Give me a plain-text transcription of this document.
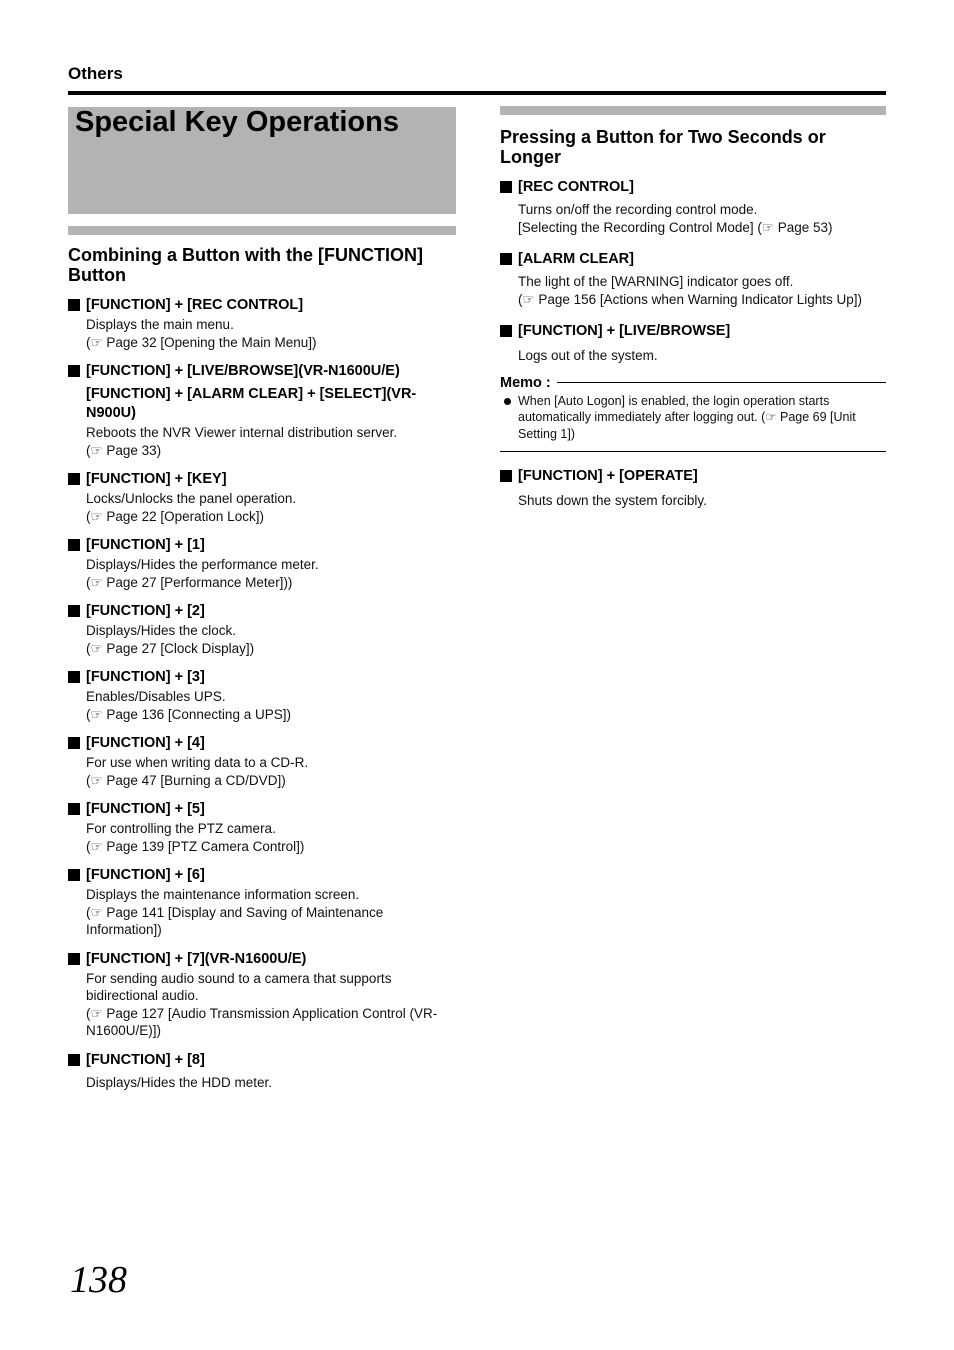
Others
Special Key Operations
Combining a Button with the [FUNCTION] Button
[FUNCTION] + [REC CONTROL]
Displays the main menu.
(☞ Page 32 [Opening the Main Menu])
[FUNCTION] + [LIVE/BROWSE](VR-N1600U/E)
[FUNCTION] + [ALARM CLEAR] + [SELECT](VR-N900U)
Reboots the NVR Viewer internal distribution server.
(☞ Page 33)
[FUNCTION] + [KEY]
Locks/Unlocks the panel operation.
(☞ Page 22 [Operation Lock])
[FUNCTION] + [1]
Displays/Hides the performance meter.
(☞ Page 27 [Performance Meter]))
[FUNCTION] + [2]
Displays/Hides the clock.
(☞ Page 27 [Clock Display])
[FUNCTION] + [3]
Enables/Disables UPS.
(☞ Page 136 [Connecting a UPS])
[FUNCTION] + [4]
For use when writing data to a CD-R.
(☞ Page 47 [Burning a CD/DVD])
[FUNCTION] + [5]
For controlling the PTZ camera.
(☞ Page 139 [PTZ Camera Control])
[FUNCTION] + [6]
Displays the maintenance information screen.
(☞ Page 141 [Display and Saving of Maintenance Information])
[FUNCTION] + [7](VR-N1600U/E)
For sending audio sound to a camera that supports bidirectional audio.
(☞ Page 127 [Audio Transmission Application Control (VR-N1600U/E)])
[FUNCTION] + [8]
Displays/Hides the HDD meter.
Pressing a Button for Two Seconds or Longer
[REC CONTROL]
Turns on/off the recording control mode.
[Selecting the Recording Control Mode] (☞ Page 53)
[ALARM CLEAR]
The light of the [WARNING] indicator goes off.
(☞ Page 156 [Actions when Warning Indicator Lights Up])
[FUNCTION] + [LIVE/BROWSE]
Logs out of the system.
Memo :
When [Auto Logon] is enabled, the login operation starts automatically immediately after logging out. (☞ Page 69 [Unit Setting 1])
[FUNCTION] + [OPERATE]
Shuts down the system forcibly.
138
